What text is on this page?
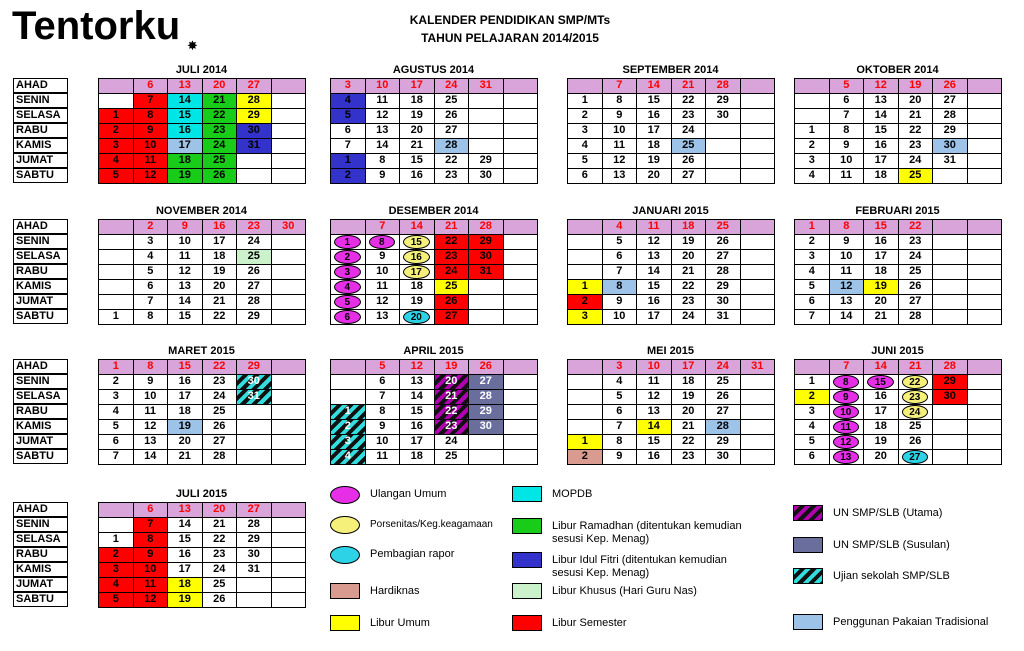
Tentorku ✸
KALENDER PENDIDIKAN SMP/MTs
TAHUN PELAJARAN 2014/2015
AHAD
SENIN
SELASA
RABU
KAMIS
JUMAT
SABTU
AHAD
SENIN
SELASA
RABU
KAMIS
JUMAT
SABTU
AHAD
SENIN
SELASA
RABU
KAMIS
JUMAT
SABTU
AHAD
SENIN
SELASA
RABU
KAMIS
JUMAT
SABTU
JULI 2014
1
2
3
4
5
6
7
8
9
10
11
12
13
14
15
16
17
18
19
20
21
22
23
24
25
26
27
28
29
30
31
AGUSTUS 2014
3
4
5
6
7
1
2
10
11
12
13
14
8
9
17
18
19
20
21
15
16
24
25
26
27
28
22
23
31
29
30
SEPTEMBER 2014
1
2
3
4
5
6
7
8
9
10
11
12
13
14
15
16
17
18
19
20
21
22
23
24
25
26
27
28
29
30
OKTOBER 2014
1
2
3
4
5
6
7
8
9
10
11
12
13
14
15
16
17
18
19
20
21
22
23
24
25
26
27
28
29
30
31
NOVEMBER 2014
1
2
3
4
5
6
7
8
9
10
11
12
13
14
15
16
17
18
19
20
21
22
23
24
25
26
27
28
29
30
DESEMBER 2014
1
2
3
4
5
6
7
8
9
10
11
12
13
14
15
16
17
18
19
20
21
22
23
24
25
26
27
28
29
30
31
JANUARI 2015
1
2
3
4
5
6
7
8
9
10
11
12
13
14
15
16
17
18
19
20
21
22
23
24
25
26
27
28
29
30
31
FEBRUARI 2015
1
2
3
4
5
6
7
8
9
10
11
12
13
14
15
16
17
18
19
20
21
22
23
24
25
26
27
28
MARET 2015
1
2
3
4
5
6
7
8
9
10
11
12
13
14
15
16
17
18
19
20
21
22
23
24
25
26
27
28
29
30
31
APRIL 2015
1
2
3
4
5
6
7
8
9
10
11
12
13
14
15
16
17
18
19
20
21
22
23
24
25
26
27
28
29
30
MEI 2015
1
2
3
4
5
6
7
8
9
10
11
12
13
14
15
16
17
18
19
20
21
22
23
24
25
26
27
28
29
30
31
JUNI 2015
1
2
3
4
5
6
7
8
9
10
11
12
13
14
15
16
17
18
19
20
21
22
23
24
25
26
27
28
29
30
JULI 2015
1
2
3
4
5
6
7
8
9
10
11
12
13
14
15
16
17
18
19
20
21
22
23
24
25
26
27
28
29
30
31
Ulangan Umum
Porsenitas/Keg.keagamaan
Pembagian rapor
Hardiknas
Libur Umum
MOPDB
Libur Ramadhan (ditentukan kemudian sesusi Kep. Menag)
Libur Idul Fitri (ditentukan kemudian sesusi Kep. Menag)
Libur Khusus (Hari Guru Nas)
Libur Semester
UN SMP/SLB (Utama)
UN SMP/SLB (Susulan)
Ujian sekolah SMP/SLB
Penggunan Pakaian Tradisional
